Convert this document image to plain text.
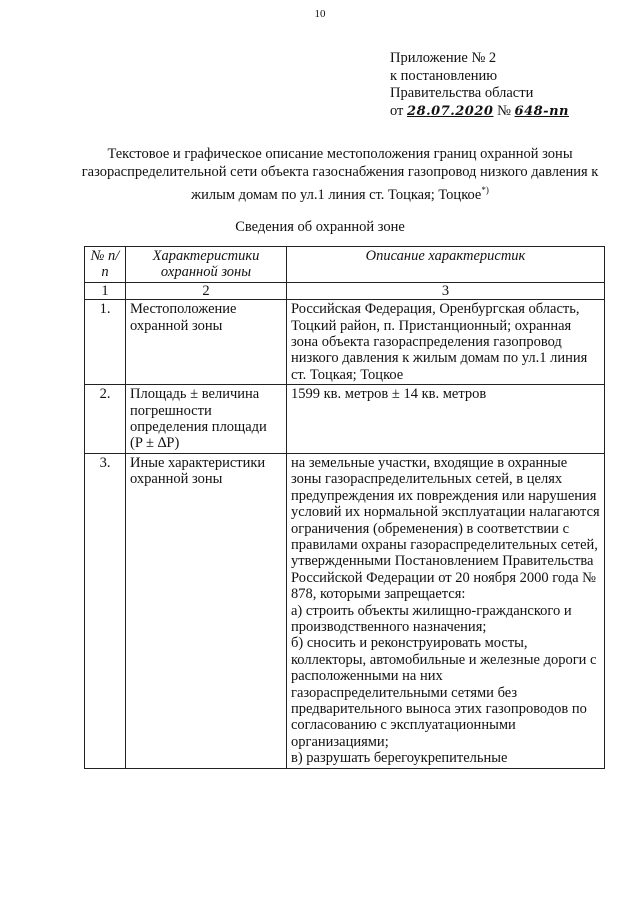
10
Приложение № 2
к постановлению
Правительства области
от 28.07.2020 № 648-пп
Текстовое и графическое описание местоположения границ охранной зоны газораспределительной сети объекта газоснабжения газопровод низкого давления к жилым домам по ул.1 линия ст. Тоцкая; Тоцкое*)
Сведения об охранной зоне
№ п/п	Характеристики охранной зоны	Описание характеристик
1	2	3
1.	Местоположение охранной зоны	Российская Федерация, Оренбургская область, Тоцкий район, п. Пристанционный; охранная зона объекта газораспределения газопровод низкого давления к жилым домам по ул.1 линия ст. Тоцкая; Тоцкое
2.	Площадь ± величина погрешности определения площади (P ± ∆P)	1599 кв. метров ± 14 кв. метров
3.	Иные характеристики охранной зоны	на земельные участки, входящие в охранные зоны газораспределительных сетей, в целях предупреждения их повреждения или нарушения условий их нормальной эксплуатации налагаются ограничения (обременения) в соответствии с правилами охраны газораспределительных сетей, утвержденными Постановлением Правительства Российской Федерации от 20 ноября 2000 года № 878, которыми запрещается:
а) строить объекты жилищно-гражданского и производственного назначения;
б) сносить и реконструировать мосты, коллекторы, автомобильные и железные дороги с расположенными на них газораспределительными сетями без предварительного выноса этих газопроводов по согласованию с эксплуатационными организациями;
в) разрушать берегоукрепительные
